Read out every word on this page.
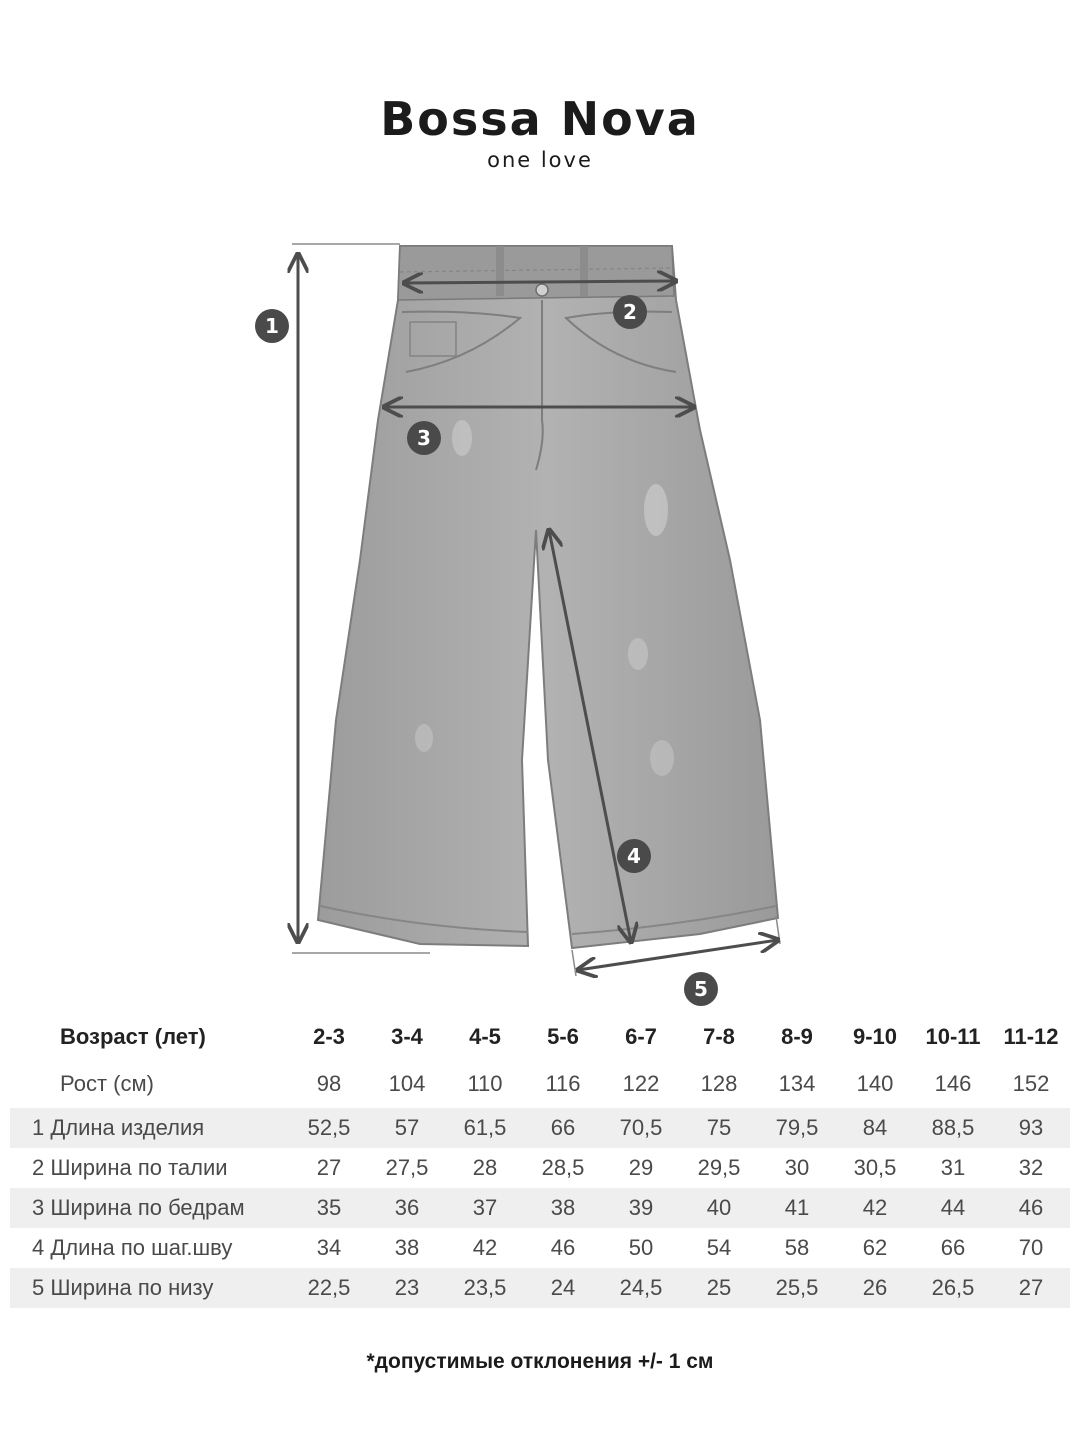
Bossa Nova
one love
1
2
3
4
5
Возраст (лет)	2-3	3-4	4-5	5-6	6-7	7-8	8-9	9-10	10-11	11-12
Рост (см)	98	104	110	116	122	128	134	140	146	152
1 Длина изделия	52,5	57	61,5	66	70,5	75	79,5	84	88,5	93
2 Ширина по талии	27	27,5	28	28,5	29	29,5	30	30,5	31	32
3 Ширина по бедрам	35	36	37	38	39	40	41	42	44	46
4 Длина по шаг.шву	34	38	42	46	50	54	58	62	66	70
5 Ширина по низу	22,5	23	23,5	24	24,5	25	25,5	26	26,5	27
*допустимые отклонения +/- 1 см
